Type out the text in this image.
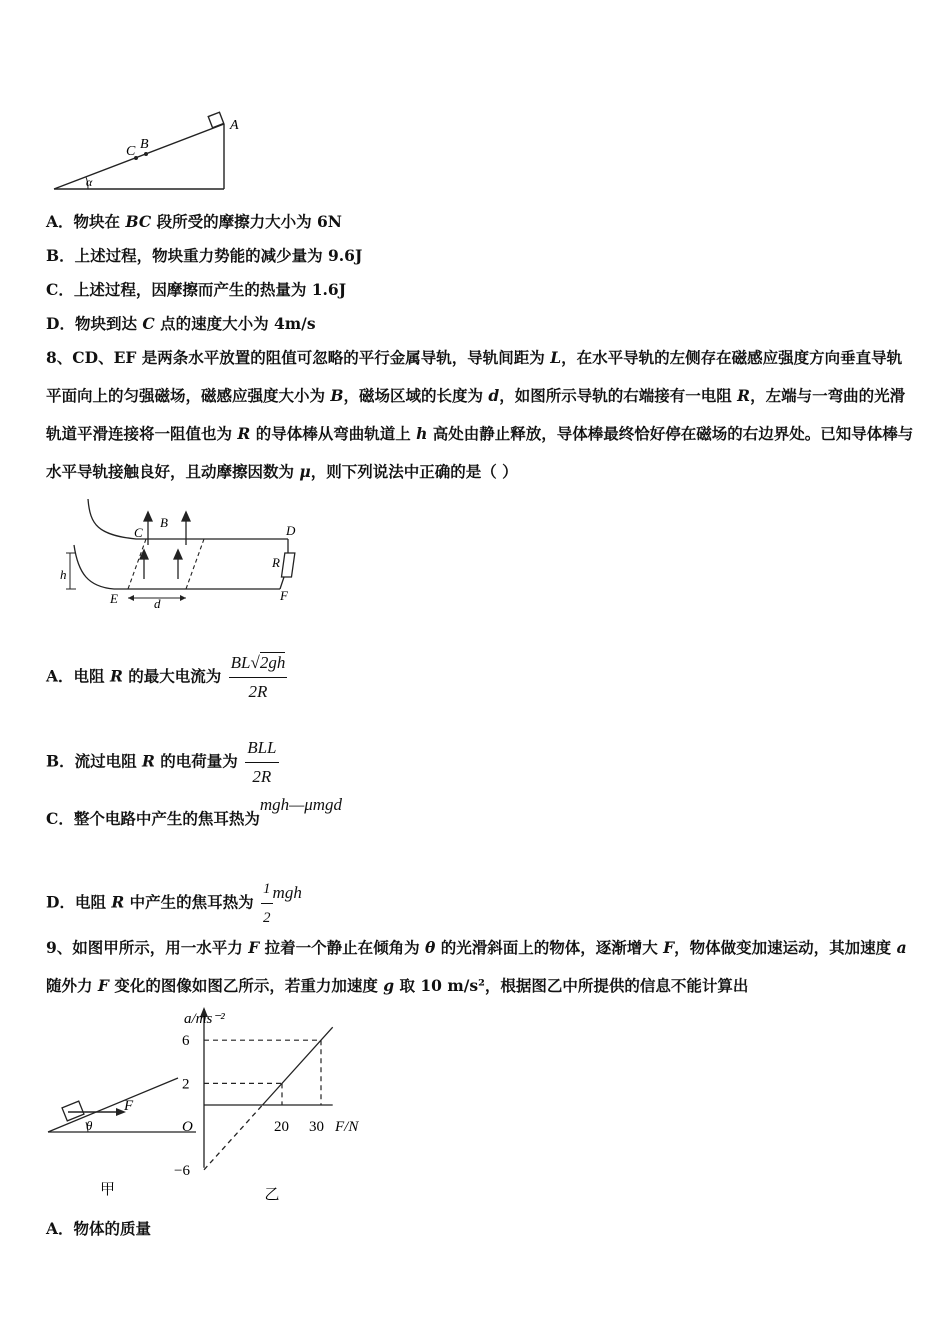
C B
A
α
A．物块在 BC 段所受的摩擦力大小为 6N
B．上述过程，物块重力势能的减少量为 9.6J
C．上述过程，因摩擦而产生的热量为 1.6J
D．物块到达 C 点的速度大小为 4m/s
8、CD、EF 是两条水平放置的阻值可忽略的平行金属导轨，导轨间距为 L，在水平导轨的左侧存在磁感应强度方向垂直导轨平面向上的匀强磁场，磁感应强度大小为 B，磁场区域的长度为 d，如图所示导轨的右端接有一电阻 R，左端与一弯曲的光滑轨道平滑连接将一阻值也为 R 的导体棒从弯曲轨道上 h 高处由静止释放，导体棒最终恰好停在磁场的右边界处。已知导体棒与水平导轨接触良好，且动摩擦因数为 μ，则下列说法中正确的是（ ）
C
B
D
R
h
E	d
F
A．电阻 R 的最大电流为 $\frac{BL√2gh}{2R}$
B．流过电阻 R 的电荷量为 $\frac{\text{BLL}}{2R}$
C．整个电路中产生的焦耳热为mgh—μmgd
D．电阻 R 中产生的焦耳热为 $\frac{1}{2}$ mgh
9、如图甲所示，用一水平力 F 拉着一个静止在倾角为 θ 的光滑斜面上的物体，逐渐增大 F，物体做变加速运动，其加速度 a 随外力 F 变化的图像如图乙所示，若重力加速度 g 取 10 m/s²，根据图乙中所提供的信息不能计算出
F
θ
甲
6
2
−6
O	20 30 F/N
a/ms⁻²
乙
A．物体的质量
